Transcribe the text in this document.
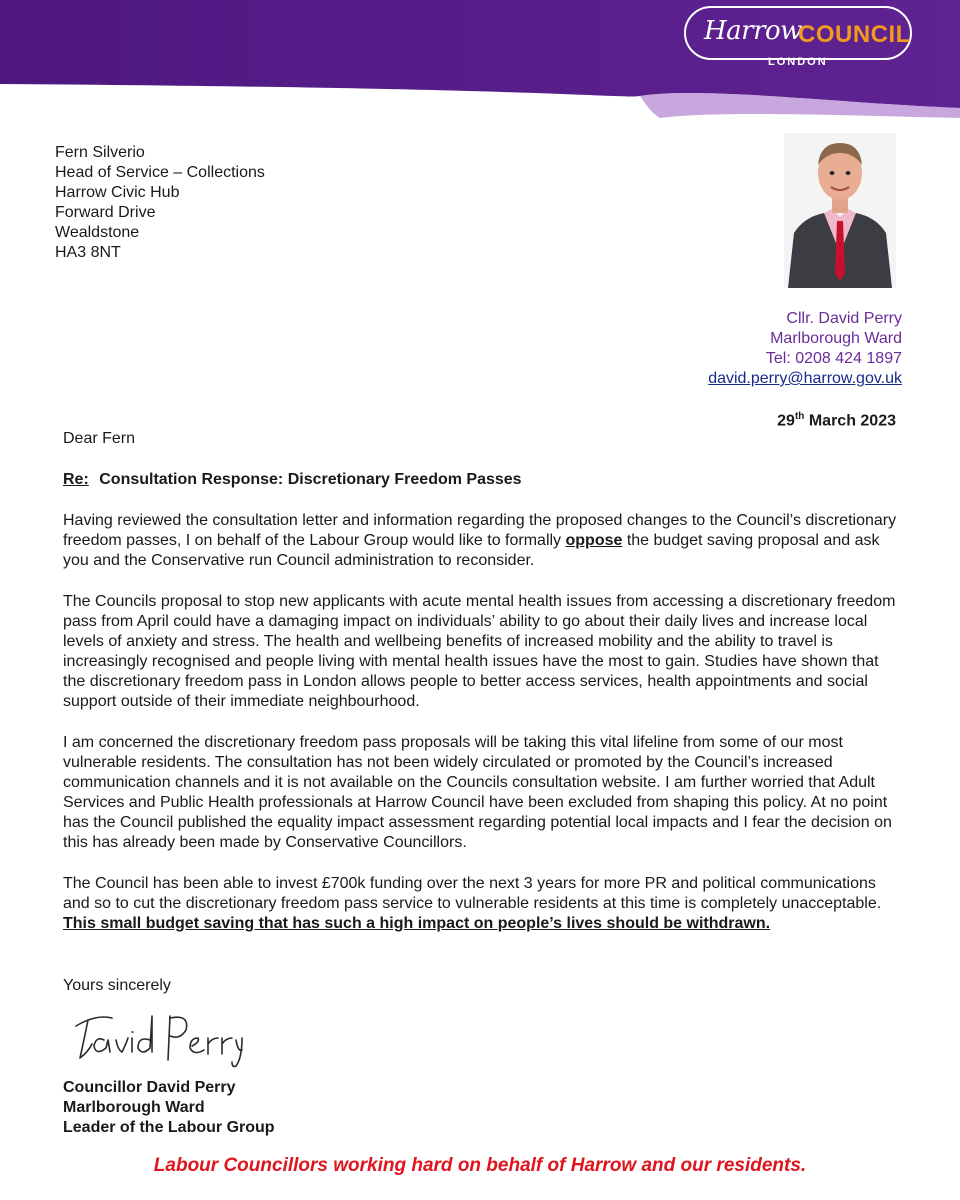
Harrow
COUNCIL
LONDON
Fern Silverio
Head of Service – Collections
Harrow Civic Hub
Forward Drive
Wealdstone
HA3 8NT
Cllr. David Perry
Marlborough Ward
Tel: 0208 424 1897
david.perry@harrow.gov.uk
29th March 2023
Dear Fern
Re: Consultation Response: Discretionary Freedom Passes
Having reviewed the consultation letter and information regarding the proposed changes to the Council’s discretionary freedom passes, I on behalf of the Labour Group would like to formally oppose the budget saving proposal and ask you and the Conservative run Council administration to reconsider.
The Councils proposal to stop new applicants with acute mental health issues from accessing a discretionary freedom pass from April could have a damaging impact on individuals’ ability to go about their daily lives and increase local levels of anxiety and stress. The health and wellbeing benefits of increased mobility and the ability to travel is increasingly recognised and people living with mental health issues have the most to gain. Studies have shown that the discretionary freedom pass in London allows people to better access services, health appointments and social support outside of their immediate neighbourhood.
I am concerned the discretionary freedom pass proposals will be taking this vital lifeline from some of our most vulnerable residents. The consultation has not been widely circulated or promoted by the Council’s increased communication channels and it is not available on the Councils consultation website. I am further worried that Adult Services and Public Health professionals at Harrow Council have been excluded from shaping this policy. At no point has the Council published the equality impact assessment regarding potential local impacts and I fear the decision on this has already been made by Conservative Councillors.
The Council has been able to invest £700k funding over the next 3 years for more PR and political communications and so to cut the discretionary freedom pass service to vulnerable residents at this time is completely unacceptable. This small budget saving that has such a high impact on people’s lives should be withdrawn.
Yours sincerely
Councillor David Perry
Marlborough Ward
Leader of the Labour Group
Labour Councillors working hard on behalf of Harrow and our residents.
